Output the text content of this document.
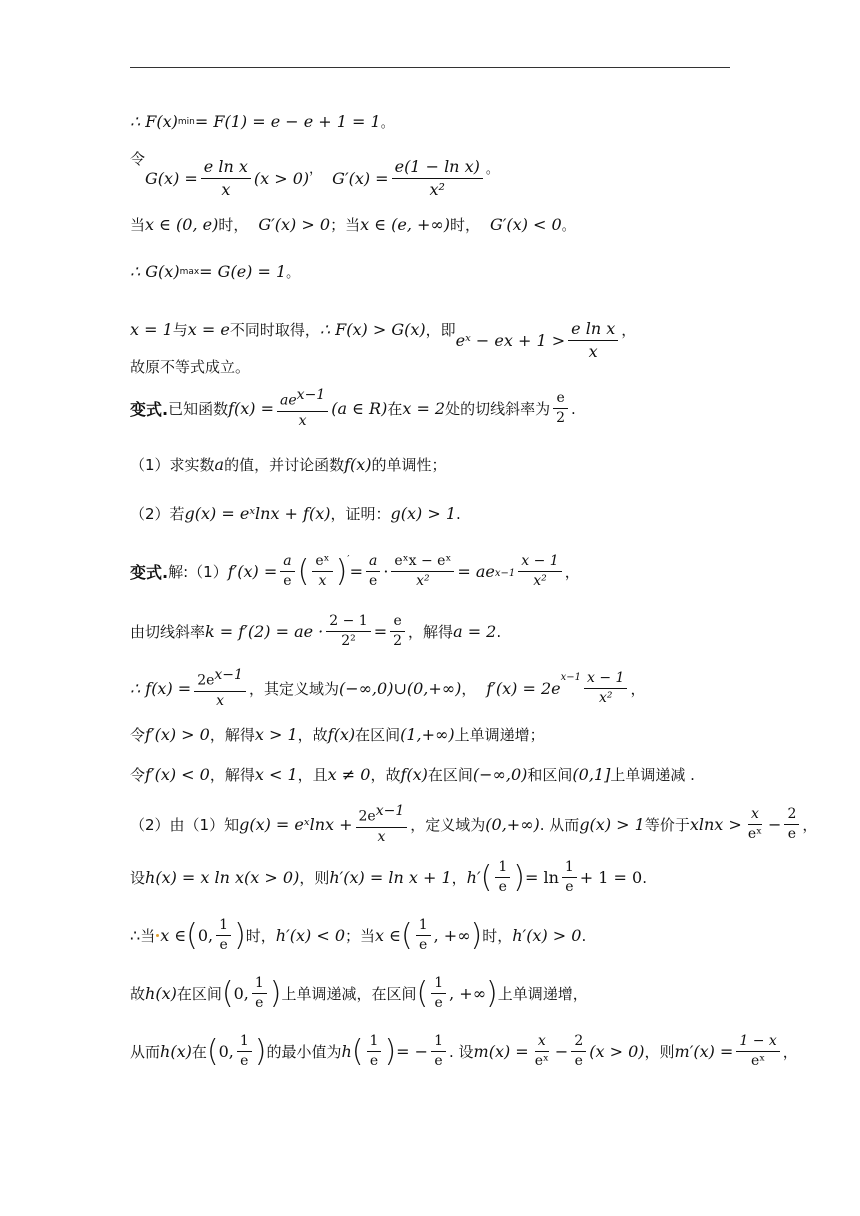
∴ F(x) min = F(1) = e − e + 1 = 1 。
令
$G(x) = \frac{\text{e ln x}}{x} (x > 0)$ ， $G'(x) = \frac{\text{e(1 − ln x)}}{\text{x²}}$ 。
当 x ∈ (0, e) 时， G′(x) > 0 ； 当 x ∈ (e, +∞) 时， G′(x) < 0 。
∴ G(x) max = G(e) = 1 。
x = 1 与 x = e 不同时取得， ∴ F(x) > G(x) ， 即
eˣ − ex + $1 > \frac{\text{e ln x}}{x}$ ，
故原不等式成立。
变式. 已知函数 $f(x) = \frac{\text{aex−1}}{x} (a$ ∈ R) 在 x = 2 处的切线斜率为 $\frac{e}{2}$ .
（1）求实数 a 的值，并讨论函数 f(x) 的单调性；
（2）若 g(x) = eˣlnx + f(x) ，证明： g(x) > 1 .
变式. 解:（1） $f'(x) = \frac{a}{e}$ ( $\frac{\text{eˣ}}{x}$ ) ′
= $\frac{a}{e} \cdot \frac{\text{eˣx − eˣ}}{\text{x²}}$ = ae $x-1 \frac{x - 1}{\text{x²}}$ ，
由切线斜率 k = f′(2) = ae · $\frac{2 - 1}{\text{2²}} = \frac{e}{2}$ ，解得 a = 2 .
∴ $f(x) = \frac{2ex-1}{x}$ ，其定义域为 (−∞,0)∪(0,+∞) ， f′(x) = 2e
$x-1 \frac{x - 1}{\text{x²}}$ ，
令 f′(x) > 0 ，解得 x > 1 ，故 f(x) 在区间 (1,+∞) 上单调递增；
令 f′(x) < 0 ，解得 x < 1 ，且 x ≠ 0 ，故 f(x) 在区间 (−∞,0) 和区间 (0,1] 上单调递减 .
（2）由（1）知 g(x) = eˣlnx + $\frac{2ex-1}{x}$ ，定义域为 (0,+∞) . 从而 g(x) > 1 等价于 $xlnx > \frac{x}{\text{eˣ}} - \frac{2}{e}$ ，
设 h(x) = x ln x(x > 0) ，则 h′(x) = ln x + 1 ， h′ ( $\frac{1}{e}$ ) = $\ln \frac{1}{e} + 1 = 0$ .
∴ 当 x ∈ ( 0, $\frac{1}{e}$ ) 时， h′(x) < 0 ；当 x ∈ ( $\frac{1}{e}$ , +∞ ) 时， h′(x) > 0 .
故 h(x) 在区间 ( 0, $\frac{1}{e}$ ) 上单调递减，在区间 ( $\frac{1}{e}$ , +∞ ) 上单调递增，
从而 h(x) 在 ( 0, $\frac{1}{e}$ ) 的最小值为 h ( $\frac{1}{e}$ ) = − $\frac{1}{e}$ . 设 $m(x) = \frac{x}{\text{eˣ}} - \frac{2}{e} (x > 0)$ ，则 $m'(x) = \frac{1 - x}{\text{eˣ}}$ ，
